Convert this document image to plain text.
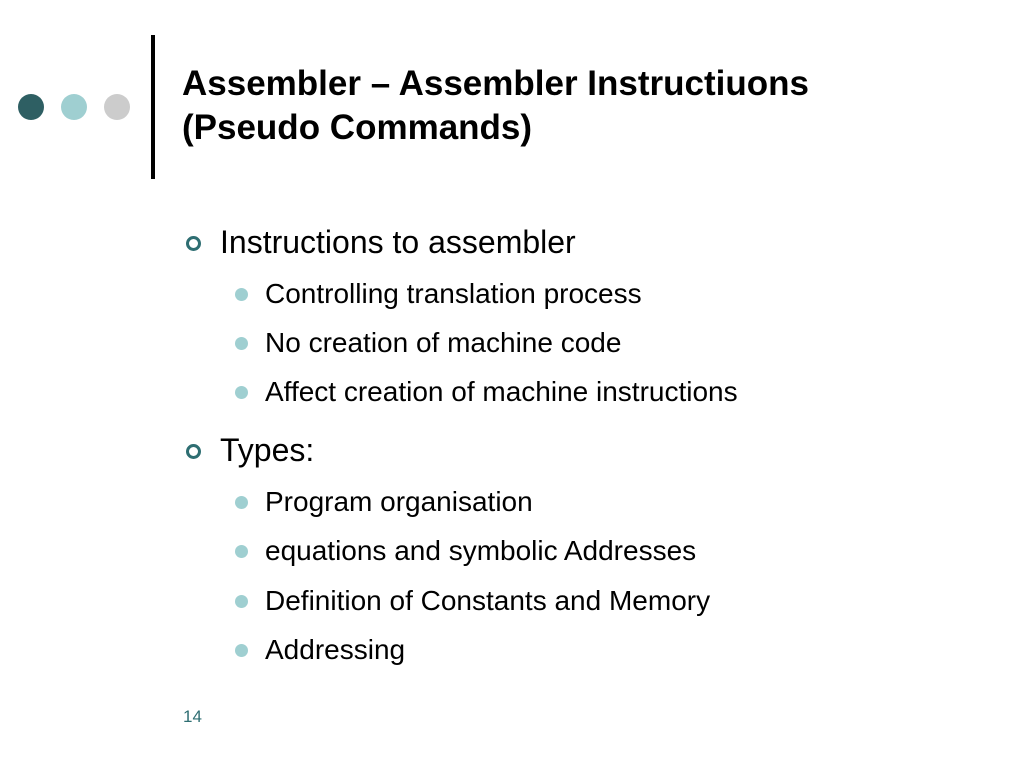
Assembler – Assembler Instructiuons
(Pseudo Commands)
Instructions to assembler
Controlling translation process
No creation of machine code
Affect creation of machine instructions
Types:
Program organisation
equations and symbolic Addresses
Definition of Constants and Memory
Addressing
14
